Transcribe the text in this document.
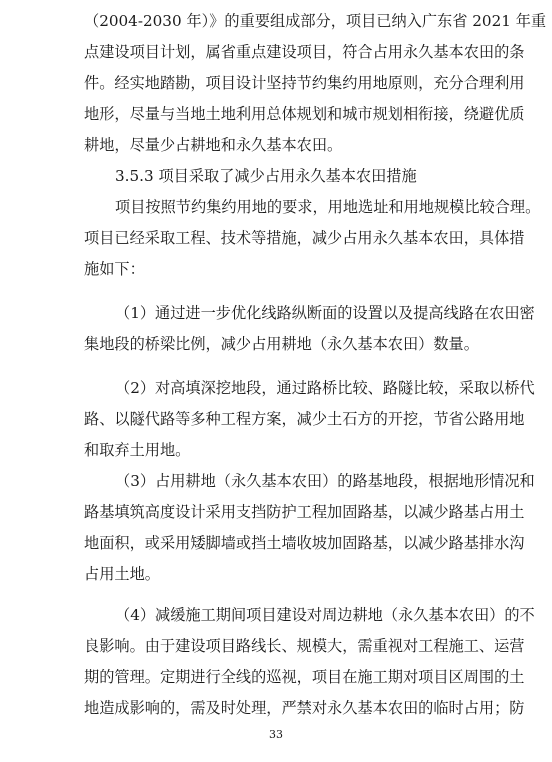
（2004-2030 年）》的重要组成部分，项目已纳入广东省 2021 年重
点建设项目计划，属省重点建设项目，符合占用永久基本农田的条
件。经实地踏勘，项目设计坚持节约集约用地原则，充分合理利用
地形，尽量与当地土地利用总体规划和城市规划相衔接，绕避优质
耕地，尽量少占耕地和永久基本农田。
3.5.3 项目采取了减少占用永久基本农田措施
项目按照节约集约用地的要求，用地选址和用地规模比较合理。
项目已经采取工程、技术等措施，减少占用永久基本农田，具体措
施如下：
（1）通过进一步优化线路纵断面的设置以及提高线路在农田密
集地段的桥梁比例，减少占用耕地（永久基本农田）数量。
（2）对高填深挖地段，通过路桥比较、路隧比较，采取以桥代
路、以隧代路等多种工程方案，减少土石方的开挖，节省公路用地
和取弃土用地。
（3）占用耕地（永久基本农田）的路基地段，根据地形情况和
路基填筑高度设计采用支挡防护工程加固路基，以减少路基占用土
地面积，或采用矮脚墙或挡土墙收坡加固路基，以减少路基排水沟
占用土地。
（4）减缓施工期间项目建设对周边耕地（永久基本农田）的不
良影响。由于建设项目路线长、规模大，需重视对工程施工、运营
期的管理。定期进行全线的巡视，项目在施工期对项目区周围的土
地造成影响的，需及时处理，严禁对永久基本农田的临时占用；防
33
